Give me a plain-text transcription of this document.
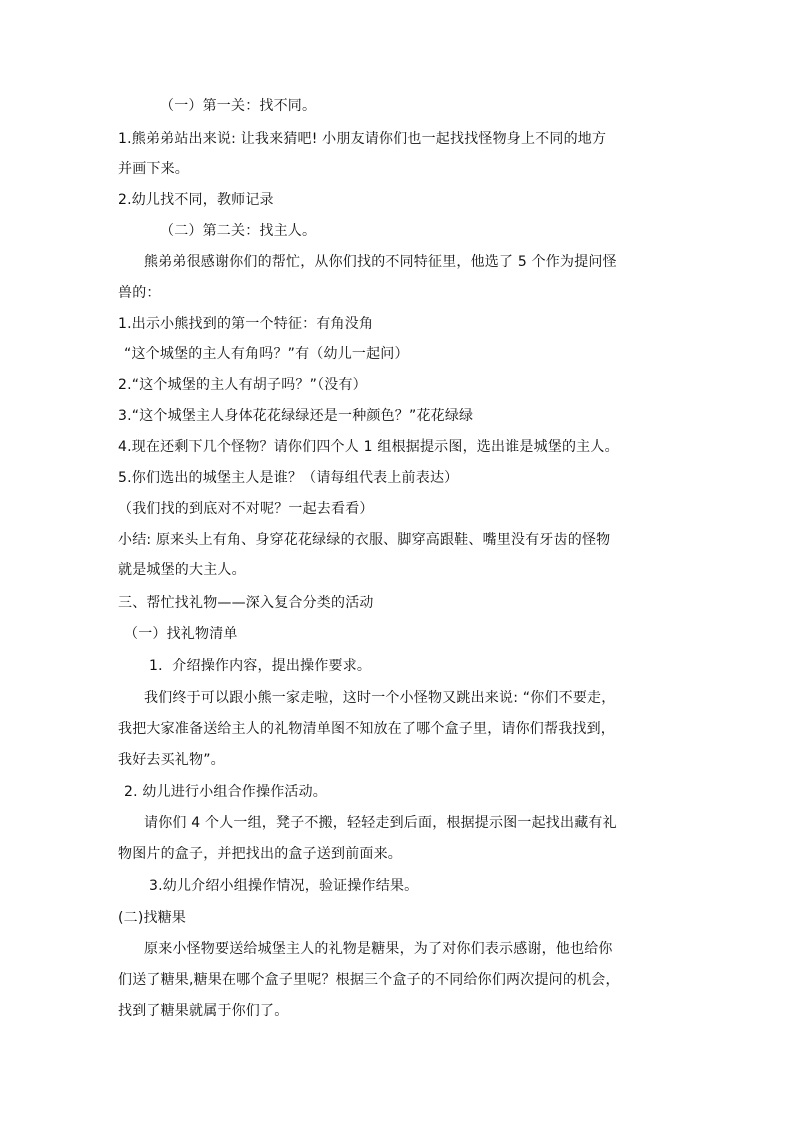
（一）第一关：找不同。
1.熊弟弟站出来说: 让我来猜吧! 小朋友请你们也一起找找怪物身上不同的地方
并画下来。
2.幼儿找不同，教师记录
（二）第二关：找主人。
熊弟弟很感谢你们的帮忙，从你们找的不同特征里，他选了 5 个作为提问怪
兽的：
1.出示小熊找到的第一个特征：有角没角
“这个城堡的主人有角吗？”有（幼儿一起问）
2.“这个城堡的主人有胡子吗？”（没有）
3.“这个城堡主人身体花花绿绿还是一种颜色？”花花绿绿
4.现在还剩下几个怪物？请你们四个人 1 组根据提示图，选出谁是城堡的主人。
5.你们选出的城堡主人是谁？（请每组代表上前表达）
（我们找的到底对不对呢？一起去看看）
小结: 原来头上有角、身穿花花绿绿的衣服、脚穿高跟鞋、嘴里没有牙齿的怪物
就是城堡的大主人。
三、帮忙找礼物——深入复合分类的活动
（一）找礼物清单
1．介绍操作内容，提出操作要求。
我们终于可以跟小熊一家走啦，这时一个小怪物又跳出来说: “你们不要走，
我把大家准备送给主人的礼物清单图不知放在了哪个盒子里，请你们帮我找到，
我好去买礼物”。
2. 幼儿进行小组合作操作活动。
请你们 4 个人一组，凳子不搬，轻轻走到后面，根据提示图一起找出藏有礼
物图片的盒子，并把找出的盒子送到前面来。
3.幼儿介绍小组操作情况，验证操作结果。
(二)找糖果
原来小怪物要送给城堡主人的礼物是糖果，为了对你们表示感谢，他也给你
们送了糖果,糖果在哪个盒子里呢？根据三个盒子的不同给你们两次提问的机会，
找到了糖果就属于你们了。
